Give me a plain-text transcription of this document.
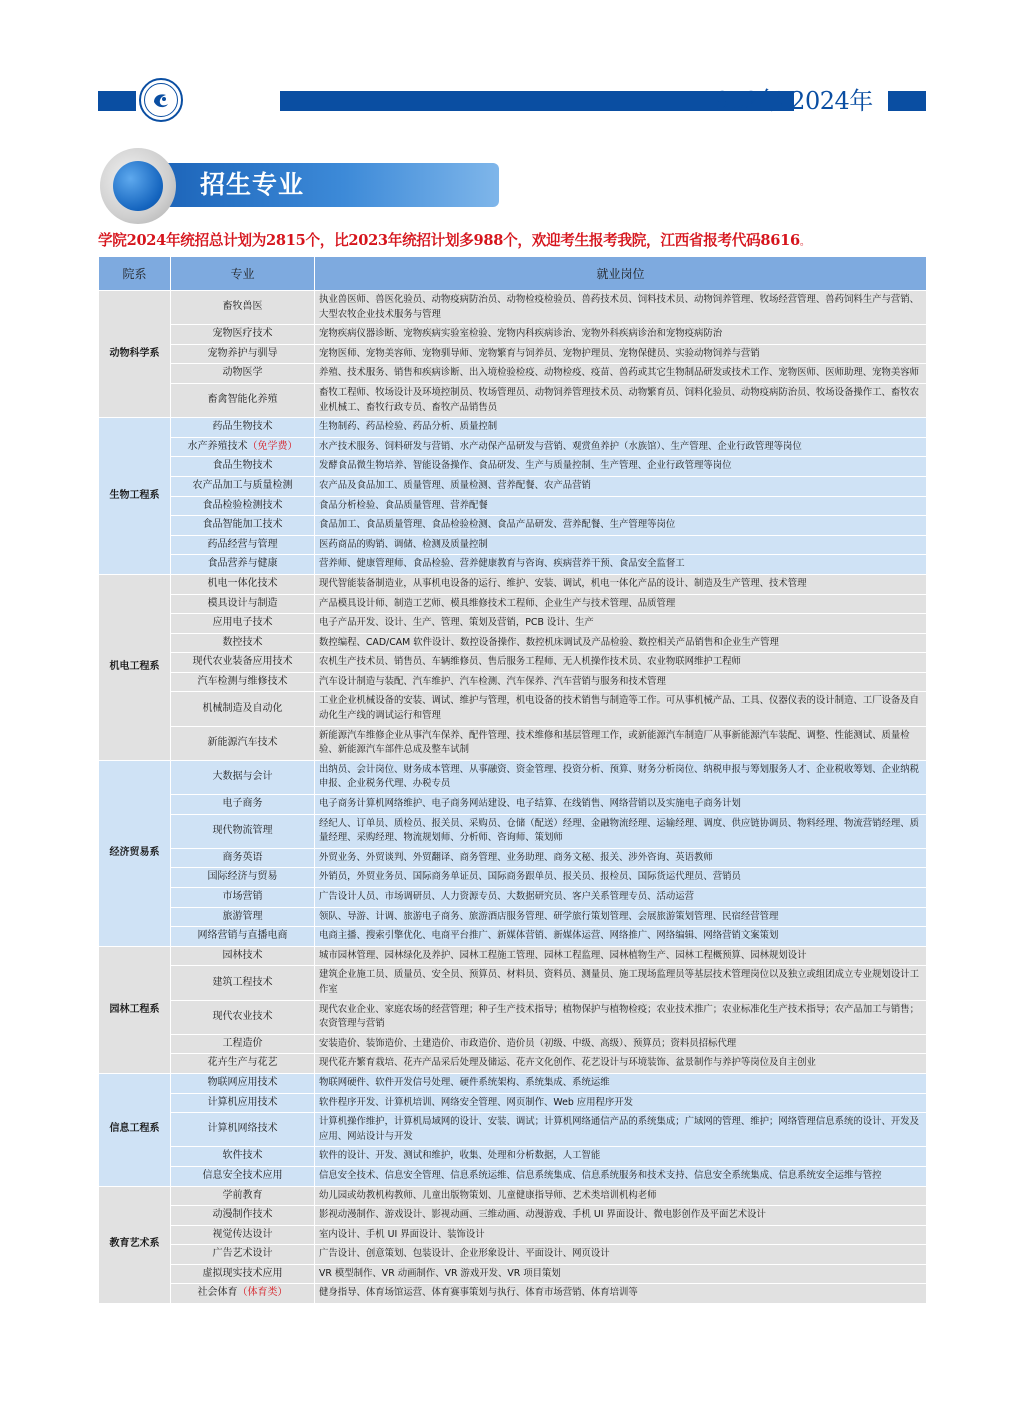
1952年-2024年
招生专业
学院2024年统招总计划为2815个，比2023年统招计划多988个，欢迎考生报考我院，江西省报考代码8616。
院系	专业	就业岗位
动物科学系	畜牧兽医	执业兽医师、兽医化验员、动物疫病防治员、动物检疫检验员、兽药技术员、饲料技术员、动物饲养管理、牧场经营管理、兽药饲料生产与营销、大型农牧企业技术服务与管理
	宠物医疗技术	宠物疾病仪器诊断、宠物疾病实验室检验、宠物内科疾病诊治、宠物外科疾病诊治和宠物疫病防治
	宠物养护与驯导	宠物医师、宠物美容师、宠物驯导师、宠物繁育与饲养员、宠物护理员、宠物保健员、实验动物饲养与营销
	动物医学	养殖、技术服务、销售和疾病诊断、出入境检验检疫、动物检疫、疫苗、兽药或其它生物制品研发或技术工作、宠物医师、医师助理、宠物美容师
	畜禽智能化养殖	畜牧工程师、牧场设计及环境控制员、牧场管理员、动物饲养管理技术员、动物繁育员、饲料化验员、动物疫病防治员、牧场设备操作工、畜牧农业机械工、畜牧行政专员、畜牧产品销售员
生物工程系	药品生物技术	生物制药、药品检验、药品分析、质量控制
	水产养殖技术（免学费）	水产技术服务、饲料研发与营销、水产动保产品研发与营销、观赏鱼养护（水族馆）、生产管理、企业行政管理等岗位
	食品生物技术	发酵食品微生物培养、智能设备操作、食品研发、生产与质量控制、生产管理、企业行政管理等岗位
	农产品加工与质量检测	农产品及食品加工、质量管理、质量检测、营养配餐、农产品营销
	食品检验检测技术	食品分析检验、食品质量管理、营养配餐
	食品智能加工技术	食品加工、食品质量管理、食品检验检测、食品产品研发、营养配餐、生产管理等岗位
	药品经营与管理	医药商品的购销、调储、检测及质量控制
	食品营养与健康	营养师、健康管理师、食品检验、营养健康教育与咨询、疾病营养干预、食品安全监督工
机电工程系	机电一体化技术	现代智能装备制造业，从事机电设备的运行、维护、安装、调试，机电一体化产品的设计、制造及生产管理、技术管理
	模具设计与制造	产品模具设计师、制造工艺师、模具维修技术工程师、企业生产与技术管理、品质管理
	应用电子技术	电子产品开发、设计、生产、管理、策划及营销，PCB 设计、生产
	数控技术	数控编程、CAD/CAM 软件设计、数控设备操作、数控机床调试及产品检验、数控相关产品销售和企业生产管理
	现代农业装备应用技术	农机生产技术员、销售员、车辆维修员、售后服务工程师、无人机操作技术员、农业物联网维护工程师
	汽车检测与维修技术	汽车设计制造与装配、汽车维护、汽车检测、汽车保养、汽车营销与服务和技术管理
	机械制造及自动化	工业企业机械设备的安装、调试、维护与管理，机电设备的技术销售与制造等工作。可从事机械产品、工具、仪器仪表的设计制造、工厂设备及自动化生产线的调试运行和管理
	新能源汽车技术	新能源汽车维修企业从事汽车保养、配件管理、技术维修和基层管理工作，或新能源汽车制造厂从事新能源汽车装配、调整、性能测试、质量检验、新能源汽车部件总成及整车试制
经济贸易系	大数据与会计	出纳员、会计岗位、财务成本管理、从事融资、资金管理、投资分析、预算、财务分析岗位、纳税申报与筹划服务人才、企业税收筹划、企业纳税申报、企业税务代理、办税专员
	电子商务	电子商务计算机网络维护、电子商务网站建设、电子结算、在线销售、网络营销以及实施电子商务计划
	现代物流管理	经纪人、订单员、质检员、报关员、采购员、仓储（配送）经理、金融物流经理、运输经理、调度、供应链协调员、物料经理、物流营销经理、质量经理、采购经理、物流规划师、分析师、咨询师、策划师
	商务英语	外贸业务、外贸谈判、外贸翻译、商务管理、业务助理、商务文秘、报关、涉外咨询、英语教师
	国际经济与贸易	外销员，外贸业务员、国际商务单证员、国际商务跟单员、报关员、报检员、国际货运代理员、营销员
	市场营销	广告设计人员、市场调研员、人力资源专员、大数据研究员、客户关系管理专员、活动运营
	旅游管理	领队、导游、计调、旅游电子商务、旅游酒店服务管理、研学旅行策划管理、会展旅游策划管理、民宿经营管理
	网络营销与直播电商	电商主播、搜索引擎优化、电商平台推广、新媒体营销、新媒体运营、网络推广、网络编辑、网络营销文案策划
园林工程系	园林技术	城市园林管理、园林绿化及养护、园林工程施工管理、园林工程监理、园林植物生产、园林工程概预算、园林规划设计
	建筑工程技术	建筑企业施工员、质量员、安全员、预算员、材料员、资料员、测量员、施工现场监理员等基层技术管理岗位以及独立或组团成立专业规划设计工作室
	现代农业技术	现代农业企业、家庭农场的经营管理；种子生产技术指导；植物保护与植物检疫；农业技术推广；农业标准化生产技术指导；农产品加工与销售；农资管理与营销
	工程造价	安装造价、装饰造价、土建造价、市政造价、造价员（初级、中级、高级）、预算员；资料员招标代理
	花卉生产与花艺	现代花卉繁育栽培、花卉产品采后处理及储运、花卉文化创作、花艺设计与环境装饰、盆景制作与养护等岗位及自主创业
信息工程系	物联网应用技术	物联网硬件、软件开发信号处理、硬件系统架构、系统集成、系统运维
	计算机应用技术	软件程序开发、计算机培训、网络安全管理、网页制作、Web 应用程序开发
	计算机网络技术	计算机操作维护，计算机局域网的设计、安装、调试；计算机网络通信产品的系统集成；广域网的管理、维护；网络管理信息系统的设计、开发及应用、网站设计与开发
	软件技术	软件的设计、开发、测试和维护，收集、处理和分析数据，人工智能
	信息安全技术应用	信息安全技术、信息安全管理、信息系统运维、信息系统集成、信息系统服务和技术支持、信息安全系统集成、信息系统安全运维与管控
教育艺术系	学前教育	幼儿园或幼教机构教师、儿童出版物策划、儿童健康指导师、艺术类培训机构老师
	动漫制作技术	影视动漫制作、游戏设计、影视动画、三维动画、动漫游戏、手机 UI 界面设计、微电影创作及平面艺术设计
	视觉传达设计	室内设计、手机 UI 界面设计、装饰设计
	广告艺术设计	广告设计、创意策划、包装设计、企业形象设计、平面设计、网页设计
	虚拟现实技术应用	VR 模型制作、VR 动画制作、VR 游戏开发、VR 项目策划
	社会体育（体育类）	健身指导、体育场馆运营、体育赛事策划与执行、体育市场营销、体育培训等
